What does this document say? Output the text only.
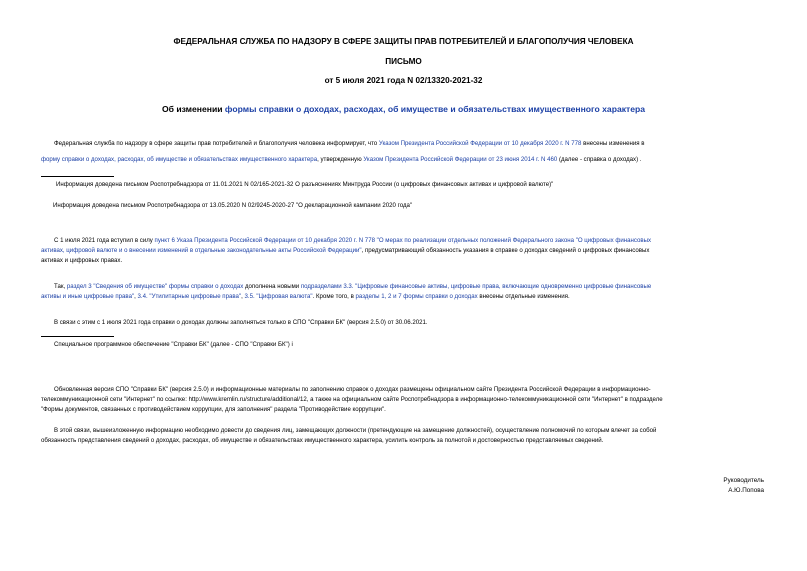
ФЕДЕРАЛЬНАЯ СЛУЖБА ПО НАДЗОРУ В СФЕРЕ ЗАЩИТЫ ПРАВ ПОТРЕБИТЕЛЕЙ И БЛАГОПОЛУЧИЯ ЧЕЛОВЕКА
ПИСЬМО
от 5 июля 2021 года N 02/13320-2021-32
Об изменении формы справки о доходах, расходах, об имуществе и обязательствах имущественного характера
Федеральная служба по надзору в сфере защиты прав потребителей и благополучия человека информирует, что Указом Президента Российской Федерации от 10 декабря 2020 г. N 778 внесены изменения в
форму справки о доходах, расходах, об имуществе и обязательствах имущественного характера, утвержденную Указом Президента Российской Федерации от 23 июня 2014 г. N 460 (далее - справка о доходах) .
Информация доведена письмом Роспотребнадзора от 11.01.2021 N 02/165-2021-32 О разъяснениях Минтруда России (о цифровых финансовых активах и цифровой валюте)"
Информация доведена письмом Роспотребнадзора от 13.05.2020 N 02/9245-2020-27 "О декларационной кампании 2020 года"
С 1 июля 2021 года вступил в силу пункт 6 Указа Президента Российской Федерации от 10 декабря 2020 г. N 778 "О мерах по реализации отдельных положений Федерального закона "О цифровых финансовых
активах, цифровой валюте и о внесении изменений в отдельные законодательные акты Российской Федерации", предусматривающий обязанность указания в справке о доходах сведений о цифровых финансовых
активах и цифровых правах.
Так, раздел 3 "Сведения об имуществе" формы справки о доходах дополнена новыми подразделами 3.3. "Цифровые финансовые активы, цифровые права, включающие одновременно цифровые финансовые
активы и иные цифровые права", 3.4. "Утилитарные цифровые права", 3.5. "Цифровая валюта". Кроме того, в разделы 1, 2 и 7 формы справки о доходах внесены отдельные изменения.
В связи с этим с 1 июля 2021 года справки о доходах должны заполняться только в СПО "Справки БК" (версия 2.5.0) от 30.06.2021.
Специальное программное обеспечение "Справки БК" (далее - СПО "Справки БК") i
Обновленная версия СПО "Справки БК" (версия 2.5.0) и информационные материалы по заполнению справок о доходах размещены официальном сайте Президента Российской Федерации в информационно-
телекоммуникационной сети "Интернет" по ссылке: http://www.kremlin.ru/structure/additional/12, а также на официальном сайте Роспотребнадзора в информационно-телекоммуникационной сети "Интернет" в подразделе
"Формы документов, связанных с противодействием коррупции, для заполнения" раздела "Противодействие коррупции".
В этой связи, вышеизложенную информацию необходимо довести до сведения лиц, замещающих должности (претендующие на замещение должностей), осуществление полномочий по которым влечет за собой
обязанность представления сведений о доходах, расходах, об имуществе и обязательствах имущественного характера, усилить контроль за полнотой и достоверностью представляемых сведений.
Руководитель
А.Ю.Попова
